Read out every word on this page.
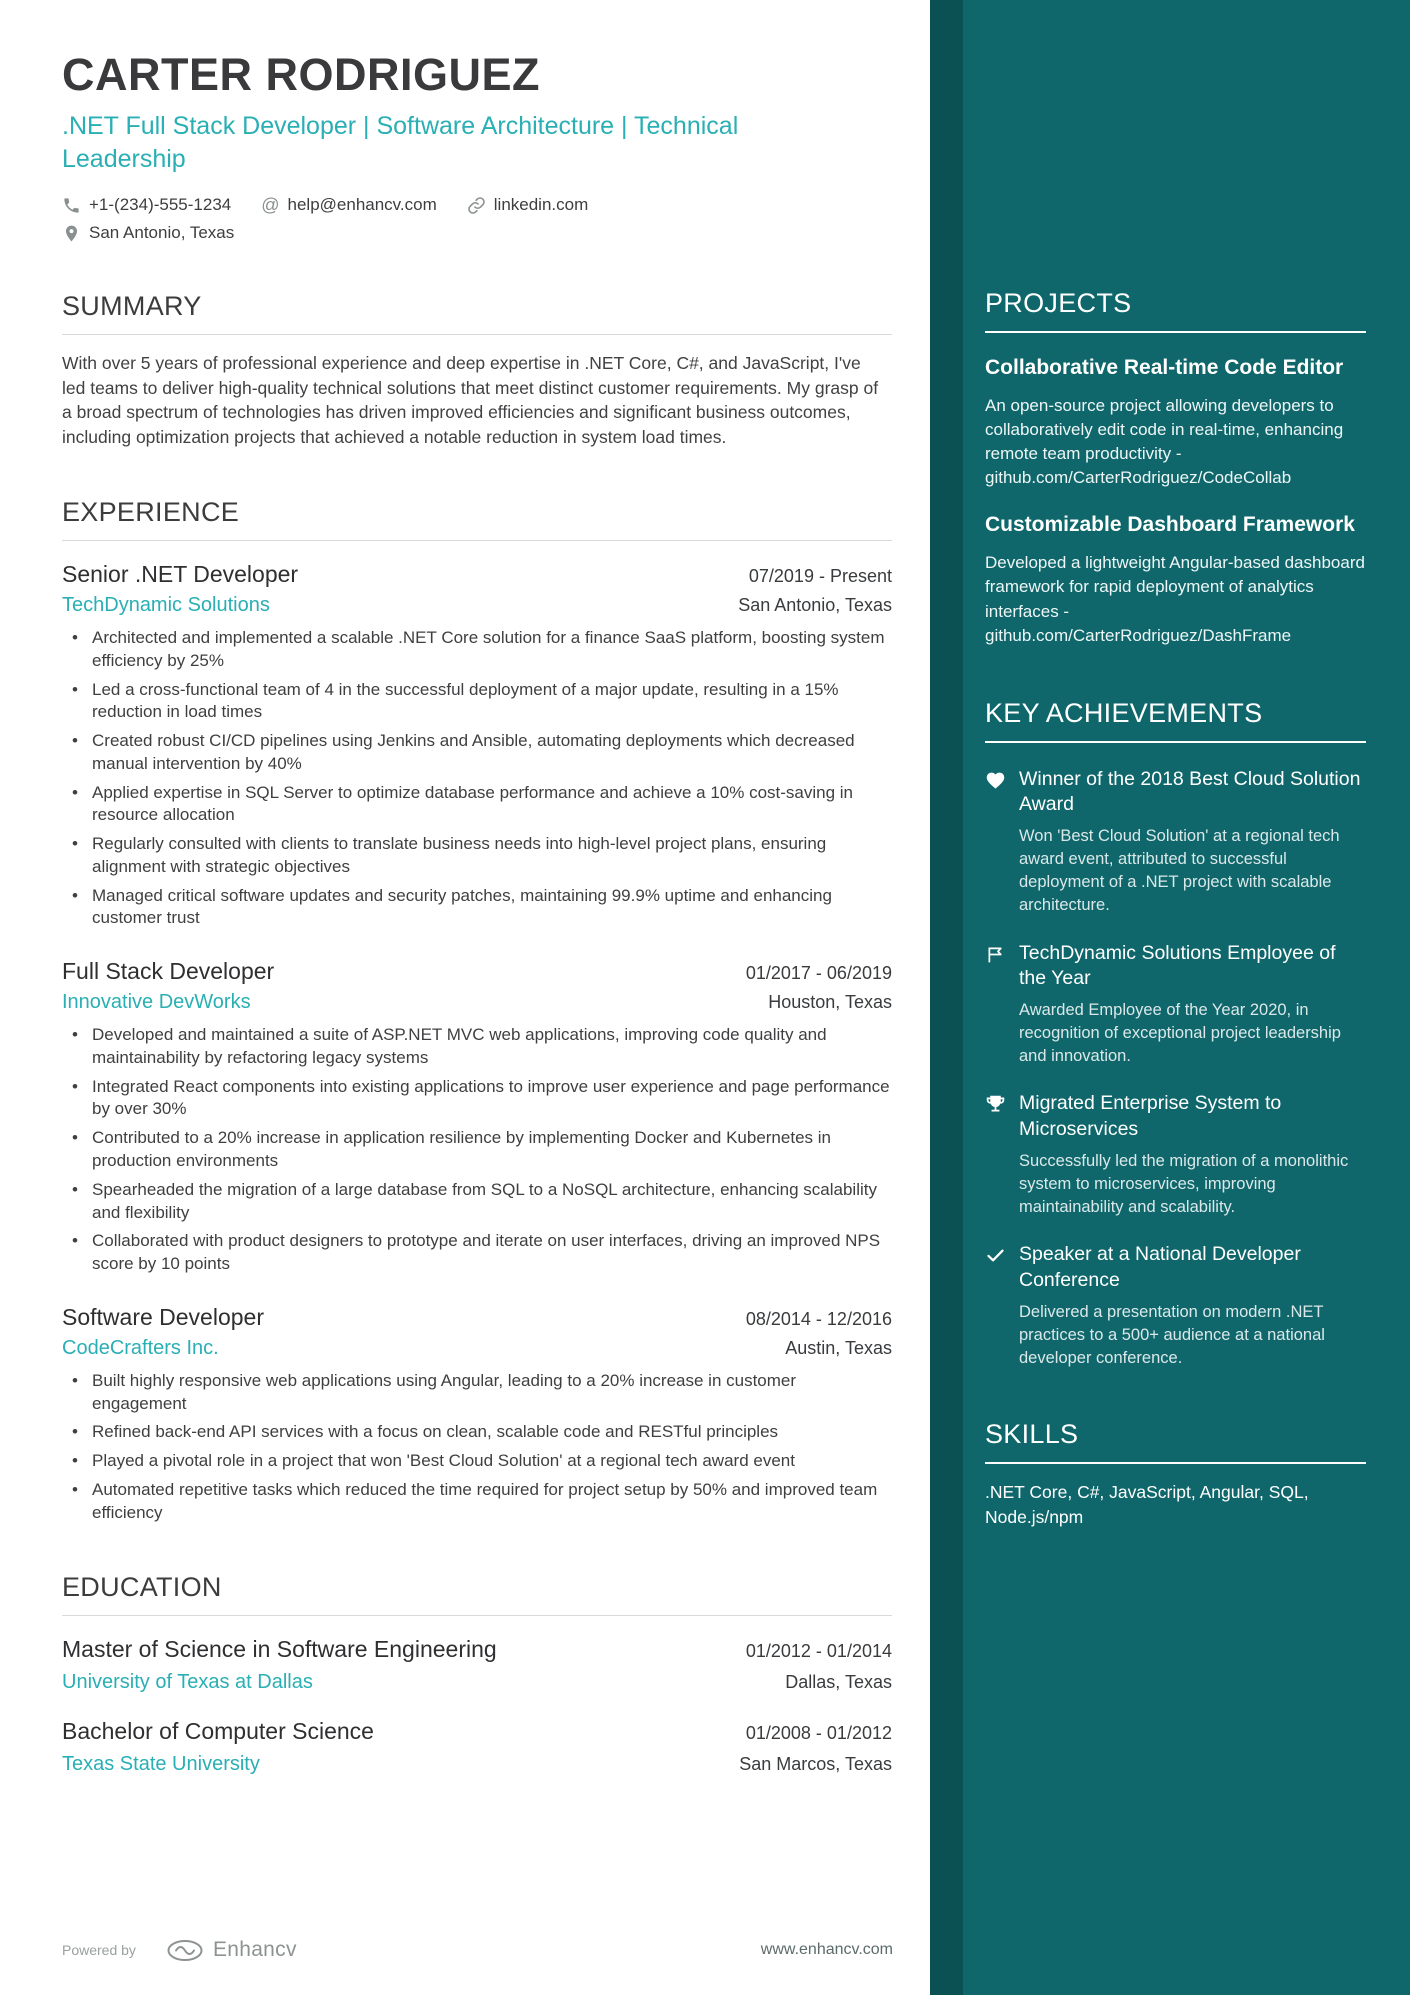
CARTER RODRIGUEZ
.NET Full Stack Developer | Software Architecture | Technical Leadership
+1-(234)-555-1234 @ help@enhancv.com	linkedin.com
San Antonio, Texas
SUMMARY

With over 5 years of professional experience and deep expertise in .NET Core, C#, and JavaScript, I've led teams to deliver high-quality technical solutions that meet distinct customer requirements. My grasp of a broad spectrum of technologies has driven improved efficiencies and significant business outcomes, including optimization projects that achieved a notable reduction in system load times.

EXPERIENCE
Senior .NET Developer	07/2019 - Present
TechDynamic Solutions	San Antonio, Texas
• Architected and implemented a scalable .NET Core solution for a finance SaaS platform, boosting system efficiency by 25%
• Led a cross-functional team of 4 in the successful deployment of a major update, resulting in a 15% reduction in load times
• Created robust CI/CD pipelines using Jenkins and Ansible, automating deployments which decreased manual intervention by 40%
• Applied expertise in SQL Server to optimize database performance and achieve a 10% cost-saving in resource allocation
• Regularly consulted with clients to translate business needs into high-level project plans, ensuring alignment with strategic objectives
• Managed critical software updates and security patches, maintaining 99.9% uptime and enhancing customer trust
Full Stack Developer	01/2017 - 06/2019
Innovative DevWorks	Houston, Texas
• Developed and maintained a suite of ASP.NET MVC web applications, improving code quality and maintainability by refactoring legacy systems
• Integrated React components into existing applications to improve user experience and page performance by over 30%
• Contributed to a 20% increase in application resilience by implementing Docker and Kubernetes in production environments
• Spearheaded the migration of a large database from SQL to a NoSQL architecture, enhancing scalability and flexibility
• Collaborated with product designers to prototype and iterate on user interfaces, driving an improved NPS score by 10 points
Software Developer	08/2014 - 12/2016
CodeCrafters Inc.	Austin, Texas
• Built highly responsive web applications using Angular, leading to a 20% increase in customer engagement
• Refined back-end API services with a focus on clean, scalable code and RESTful principles
• Played a pivotal role in a project that won 'Best Cloud Solution' at a regional tech award event
• Automated repetitive tasks which reduced the time required for project setup by 50% and improved team efficiency
EDUCATION
Master of Science in Software Engineering	01/2012 - 01/2014
University of Texas at Dallas	Dallas, Texas
Bachelor of Computer Science	01/2008 - 01/2012
Texas State University	San Marcos, Texas
Powered by	Enhancv	www.enhancv.com
PROJECTS
Collaborative Real-time Code Editor

An open-source project allowing developers to collaboratively edit code in real-time, enhancing remote team productivity - github.com/CarterRodriguez/CodeCollab

Customizable Dashboard Framework

Developed a lightweight Angular-based dashboard framework for rapid deployment of analytics interfaces - github.com/CarterRodriguez/DashFrame

KEY ACHIEVEMENTS
Winner of the 2018 Best Cloud Solution Award

Won 'Best Cloud Solution' at a regional tech award event, attributed to successful deployment of a .NET project with scalable architecture.

TechDynamic Solutions Employee of the Year

Awarded Employee of the Year 2020, in recognition of exceptional project leadership and innovation.

Migrated Enterprise System to Microservices

Successfully led the migration of a monolithic system to microservices, improving maintainability and scalability.

Speaker at a National Developer Conference

Delivered a presentation on modern .NET practices to a 500+ audience at a national developer conference.

SKILLS

.NET Core, C#, JavaScript, Angular, SQL, Node.js/npm
